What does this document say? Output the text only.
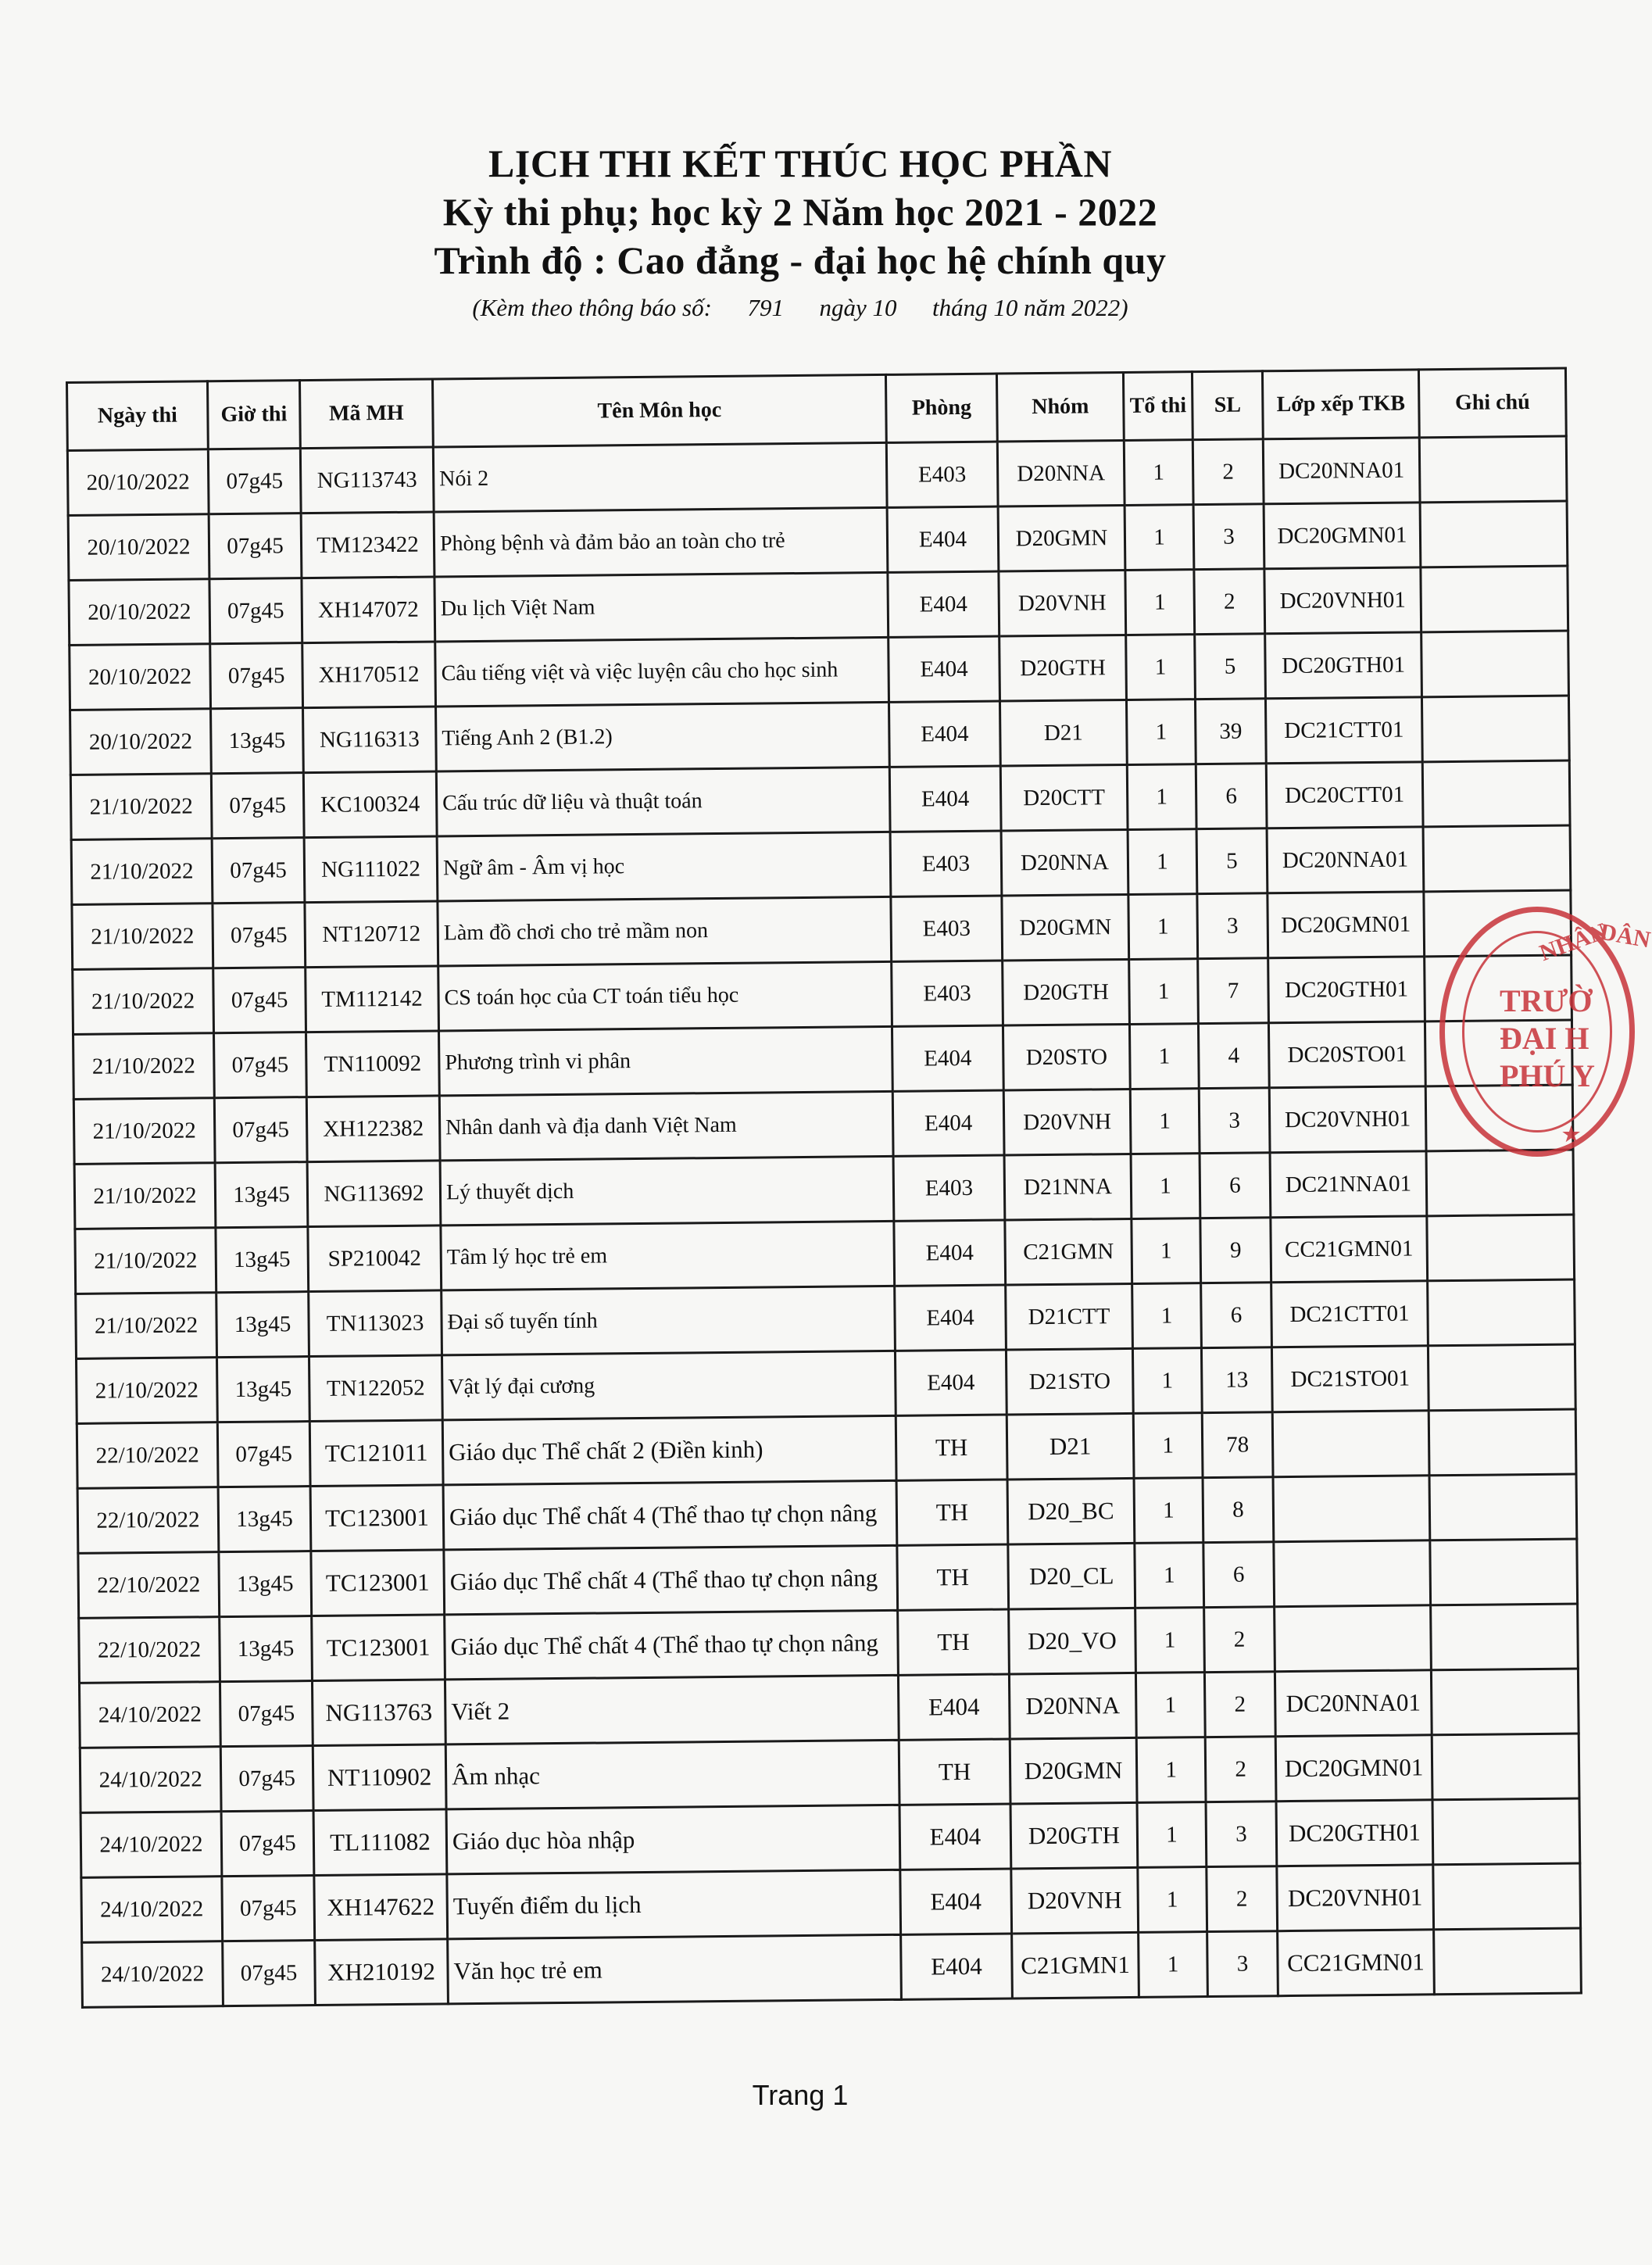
LỊCH THI KẾT THÚC HỌC PHẦN

Kỳ thi phụ; học kỳ 2 Năm học 2021 - 2022

Trình độ : Cao đẳng - đại học hệ chính quy

(Kèm theo thông báo số: 791 ngày 10 tháng 10 năm 2022)
Ngày thi	Giờ thi	Mã MH	Tên Môn học	Phòng	Nhóm	Tổ thi	SL	Lớp xếp TKB	Ghi chú
20/10/2022	07g45	NG113743	Nói 2	E403	D20NNA	1	2	DC20NNA01	
20/10/2022	07g45	TM123422	Phòng bệnh và đảm bảo an toàn cho trẻ	E404	D20GMN	1	3	DC20GMN01	
20/10/2022	07g45	XH147072	Du lịch Việt Nam	E404	D20VNH	1	2	DC20VNH01	
20/10/2022	07g45	XH170512	Câu tiếng việt và việc luyện câu cho học sinh	E404	D20GTH	1	5	DC20GTH01	
20/10/2022	13g45	NG116313	Tiếng Anh 2 (B1.2)	E404	D21	1	39	DC21CTT01	
21/10/2022	07g45	KC100324	Cấu trúc dữ liệu và thuật toán	E404	D20CTT	1	6	DC20CTT01	
21/10/2022	07g45	NG111022	Ngữ âm - Âm vị học	E403	D20NNA	1	5	DC20NNA01	
21/10/2022	07g45	NT120712	Làm đồ chơi cho trẻ mầm non	E403	D20GMN	1	3	DC20GMN01	
21/10/2022	07g45	TM112142	CS toán học của CT toán tiểu học	E403	D20GTH	1	7	DC20GTH01	
21/10/2022	07g45	TN110092	Phương trình vi phân	E404	D20STO	1	4	DC20STO01	
21/10/2022	07g45	XH122382	Nhân danh và địa danh Việt Nam	E404	D20VNH	1	3	DC20VNH01	
21/10/2022	13g45	NG113692	Lý thuyết dịch	E403	D21NNA	1	6	DC21NNA01	
21/10/2022	13g45	SP210042	Tâm lý học trẻ em	E404	C21GMN	1	9	CC21GMN01	
21/10/2022	13g45	TN113023	Đại số tuyến tính	E404	D21CTT	1	6	DC21CTT01	
21/10/2022	13g45	TN122052	Vật lý đại cương	E404	D21STO	1	13	DC21STO01	
22/10/2022	07g45	TC121011	Giáo dục Thể chất 2 (Điền kinh)	TH	D21	1	78		
22/10/2022	13g45	TC123001	Giáo dục Thể chất 4 (Thể thao tự chọn nâng	TH	D20_BC	1	8		
22/10/2022	13g45	TC123001	Giáo dục Thể chất 4 (Thể thao tự chọn nâng	TH	D20_CL	1	6		
22/10/2022	13g45	TC123001	Giáo dục Thể chất 4 (Thể thao tự chọn nâng	TH	D20_VO	1	2		
24/10/2022	07g45	NG113763	Viết 2	E404	D20NNA	1	2	DC20NNA01	
24/10/2022	07g45	NT110902	Âm nhạc	TH	D20GMN	1	2	DC20GMN01	
24/10/2022	07g45	TL111082	Giáo dục hòa nhập	E404	D20GTH	1	3	DC20GTH01	
24/10/2022	07g45	XH147622	Tuyến điểm du lịch	E404	D20VNH	1	2	DC20VNH01	
24/10/2022	07g45	XH210192	Văn học trẻ em	E404	C21GMN1	1	3	CC21GMN01	
NHÂN
DÂN
TRƯỜ
ĐẠI H
PHÚ Y
★
Trang 1
